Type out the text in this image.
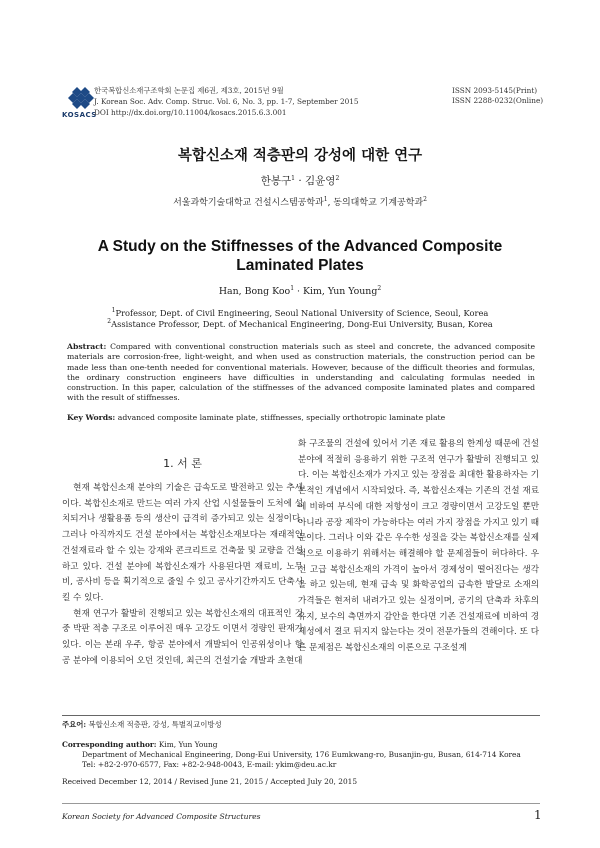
KOSACS
한국복합신소재구조학회 논문집 제6권, 제3호, 2015년 9월
J. Korean Soc. Adv. Comp. Struc. Vol. 6, No. 3, pp. 1-7, September 2015
DOI http://dx.doi.org/10.11004/kosacs.2015.6.3.001
ISSN 2093-5145(Print)
ISSN 2288-0232(Online)
복합신소재 적층판의 강성에 대한 연구
한봉구$^1$ · 김윤영$^2$
서울과학기술대학교 건설시스템공학과$^1$, 동의대학교 기계공학과$^2$
A Study on the Stiffnesses of the Advanced Composite
Laminated Plates
Han, Bong Koo$^1$ · Kim, Yun Young$^2$
$^1$Professor, Dept. of Civil Engineering, Seoul National University of Science, Seoul, Korea
$^2$Assistance Professor, Dept. of Mechanical Engineering, Dong-Eui University, Busan, Korea
Abstract: Compared with conventional construction materials such as steel and concrete, the advanced composite materials are corrosion-free, light-weight, and when used as construction materials, the construction period can be made less than one-tenth needed for conventional materials. However, because of the difficult theories and formulas, the ordinary construction engineers have difficulties in understanding and calculating formulas needed in construction. In this paper, calculation of the stiffnesses of the advanced composite laminated plates and compared with the result of stiffnesses.
Key Words: advanced composite laminate plate, stiffnesses, specially orthotropic laminate plate
1. 서 론

현재 복합신소재 분야의 기술은 급속도로 발전하고 있는 추세이다. 복합신소재로 만드는 여러 가지 산업 시설물들이 도처에 설치되거나 생활용품 등의 생산이 급격히 증가되고 있는 실정이다. 그러나 아직까지도 건설 분야에서는 복합신소재보다는 재래적인 건설재료라 할 수 있는 강재와 콘크리트로 건축물 및 교량을 건설하고 있다. 건설 분야에 복합신소재가 사용된다면 재료비, 노무비, 공사비 등을 획기적으로 줄일 수 있고 공사기간까지도 단축시킬 수 있다.

현재 연구가 활발히 진행되고 있는 복합신소재의 대표적인 것 중 박판 적층 구조로 이루어진 매우 고강도 이면서 경량인 판재가 있다. 이는 본래 우주, 항공 분야에서 개발되어 인공위성이나 항공 분야에 이용되어 오던 것인데, 최근의 건설기술 개발과 초현대

화 구조물의 건설에 있어서 기존 재료 활용의 한계성 때문에 건설 분야에 적절히 응용하기 위한 구조적 연구가 활발히 진행되고 있다. 이는 복합신소재가 가지고 있는 장점을 최대한 활용하자는 기본적인 개념에서 시작되었다. 즉, 복합신소재는 기존의 건설 재료에 비하여 부식에 대한 저항성이 크고 경량이면서 고강도일 뿐만 아니라 공장 제작이 가능하다는 여러 가지 장점을 가지고 있기 때문이다. 그러나 이와 같은 우수한 성질을 갖는 복합신소재를 실제적으로 이용하기 위해서는 해결해야 할 문제점들이 허다하다. 우선 고급 복합신소재의 가격이 높아서 경제성이 떨어진다는 생각을 하고 있는데, 현재 급속 및 화학공업의 급속한 발달로 소재의 가격들은 현저히 내려가고 있는 실정이며, 공기의 단축과 차후의 유지, 보수의 측면까지 감안을 한다면 기존 건설재료에 비하여 경제성에서 결코 뒤지지 않는다는 것이 전문가들의 견해이다. 또 다른 문제점은 복합신소재의 이론으로 구조설계

주요어: 복합신소재 적층판, 강성, 특별직교이방성
Corresponding author: Kim, Yun Young
Department of Mechanical Engineering, Dong-Eui University, 176 Eumkwang-ro, Busanjin-gu, Busan, 614-714 Korea
Tel: +82-2-970-6577, Fax: +82-2-948-0043, E-mail: ykim@deu.ac.kr
Received December 12, 2014 / Revised June 21, 2015 / Accepted July 20, 2015
Korean Society for Advanced Composite Structures	1
